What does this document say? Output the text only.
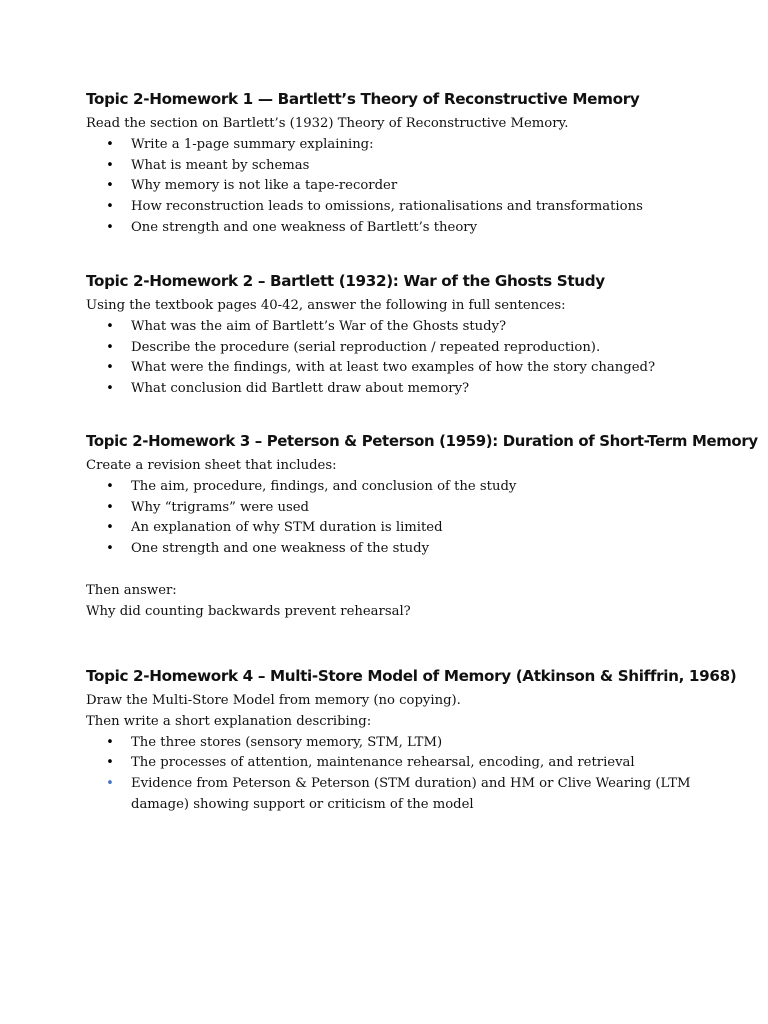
Topic 2-Homework 1 — Bartlett’s Theory of Reconstructive Memory
Read the section on Bartlett’s (1932) Theory of Reconstructive Memory.
• Write a 1-page summary explaining:
• What is meant by schemas
• Why memory is not like a tape-recorder
• How reconstruction leads to omissions, rationalisations and transformations
• One strength and one weakness of Bartlett’s theory
Topic 2-Homework 2 – Bartlett (1932): War of the Ghosts Study
Using the textbook pages 40-42, answer the following in full sentences:
• What was the aim of Bartlett’s War of the Ghosts study?
• Describe the procedure (serial reproduction / repeated reproduction).
• What were the findings, with at least two examples of how the story changed?
• What conclusion did Bartlett draw about memory?
Topic 2-Homework 3 – Peterson & Peterson (1959): Duration of Short-Term Memory
Create a revision sheet that includes:
• The aim, procedure, findings, and conclusion of the study
• Why “trigrams” were used
• An explanation of why STM duration is limited
• One strength and one weakness of the study
Then answer:
Why did counting backwards prevent rehearsal?
Topic 2-Homework 4 – Multi-Store Model of Memory (Atkinson & Shiffrin, 1968)
Draw the Multi-Store Model from memory (no copying).
Then write a short explanation describing:
• The three stores (sensory memory, STM, LTM)
• The processes of attention, maintenance rehearsal, encoding, and retrieval
• Evidence from Peterson & Peterson (STM duration) and HM or Clive Wearing (LTM damage) showing support or criticism of the model
